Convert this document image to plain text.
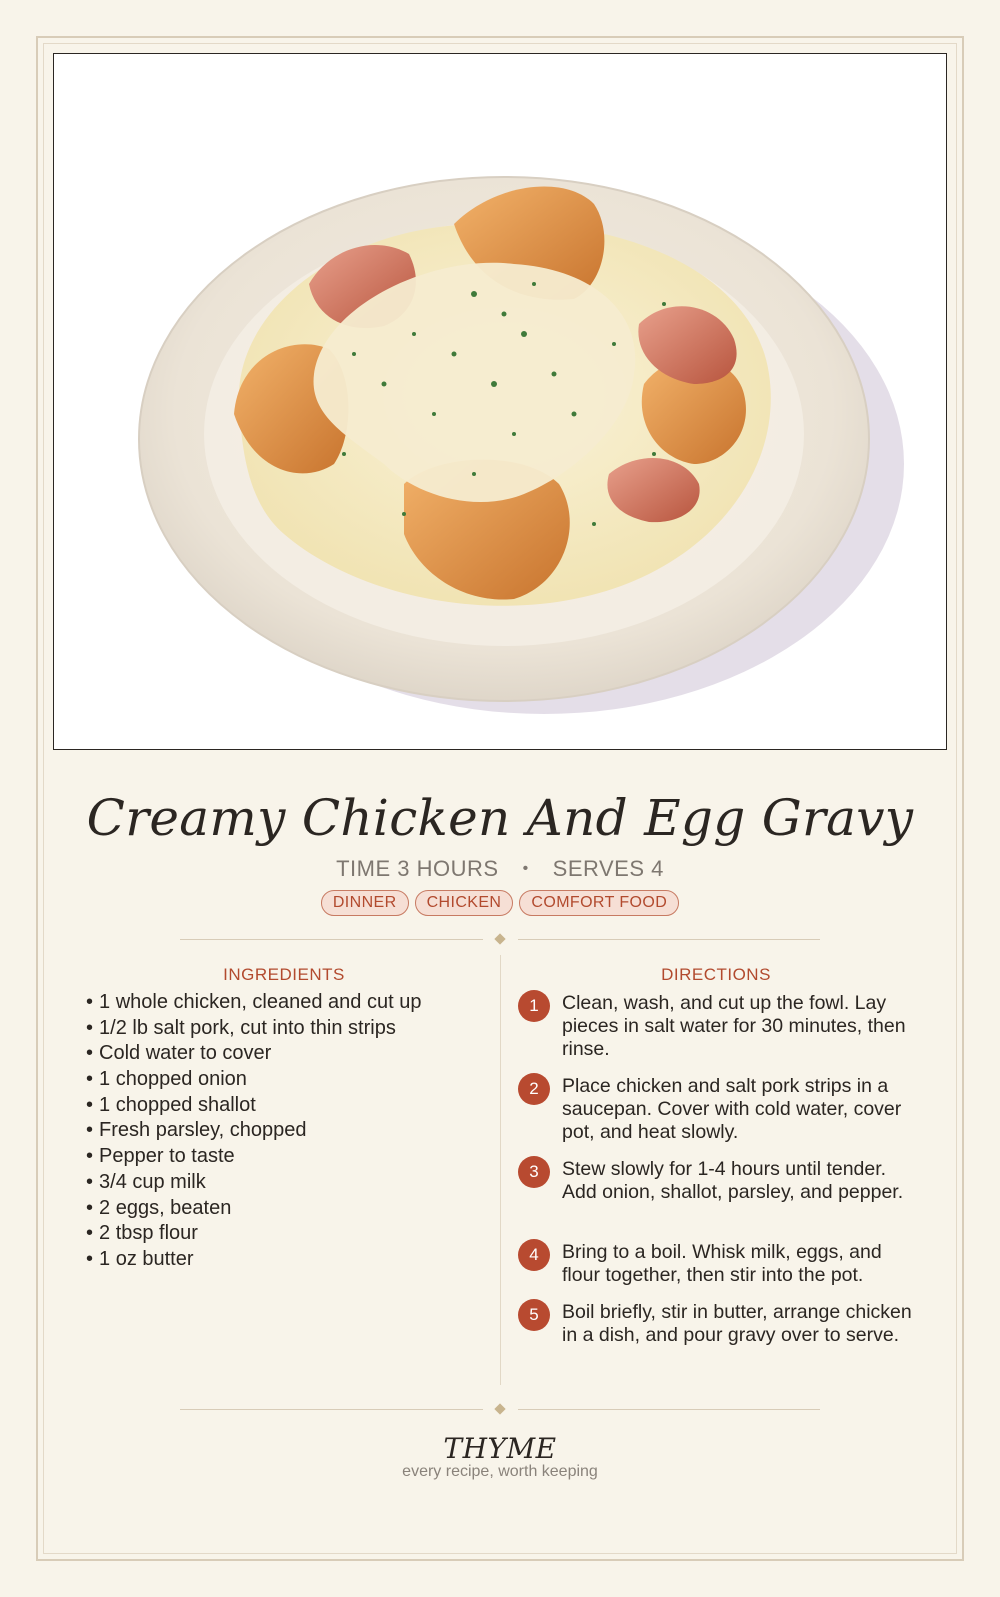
Creamy Chicken And Egg Gravy
TIME 3 HOURS • SERVES 4
DINNER CHICKEN COMFORT FOOD
INGREDIENTS
• 1 whole chicken, cleaned and cut up
• 1/2 lb salt pork, cut into thin strips
• Cold water to cover
• 1 chopped onion
• 1 chopped shallot
• Fresh parsley, chopped
• Pepper to taste
• 3/4 cup milk
• 2 eggs, beaten
• 2 tbsp flour
• 1 oz butter
DIRECTIONS
1	Clean, wash, and cut up the fowl. Lay pieces in salt water for 30 minutes, then rinse.
2	Place chicken and salt pork strips in a saucepan. Cover with cold water, cover pot, and heat slowly.
3	Stew slowly for 1-4 hours until tender. Add onion, shallot, parsley, and pepper.
4	Bring to a boil. Whisk milk, eggs, and flour together, then stir into the pot.
5	Boil briefly, stir in butter, arrange chicken in a dish, and pour gravy over to serve.
THYME
every recipe, worth keeping
